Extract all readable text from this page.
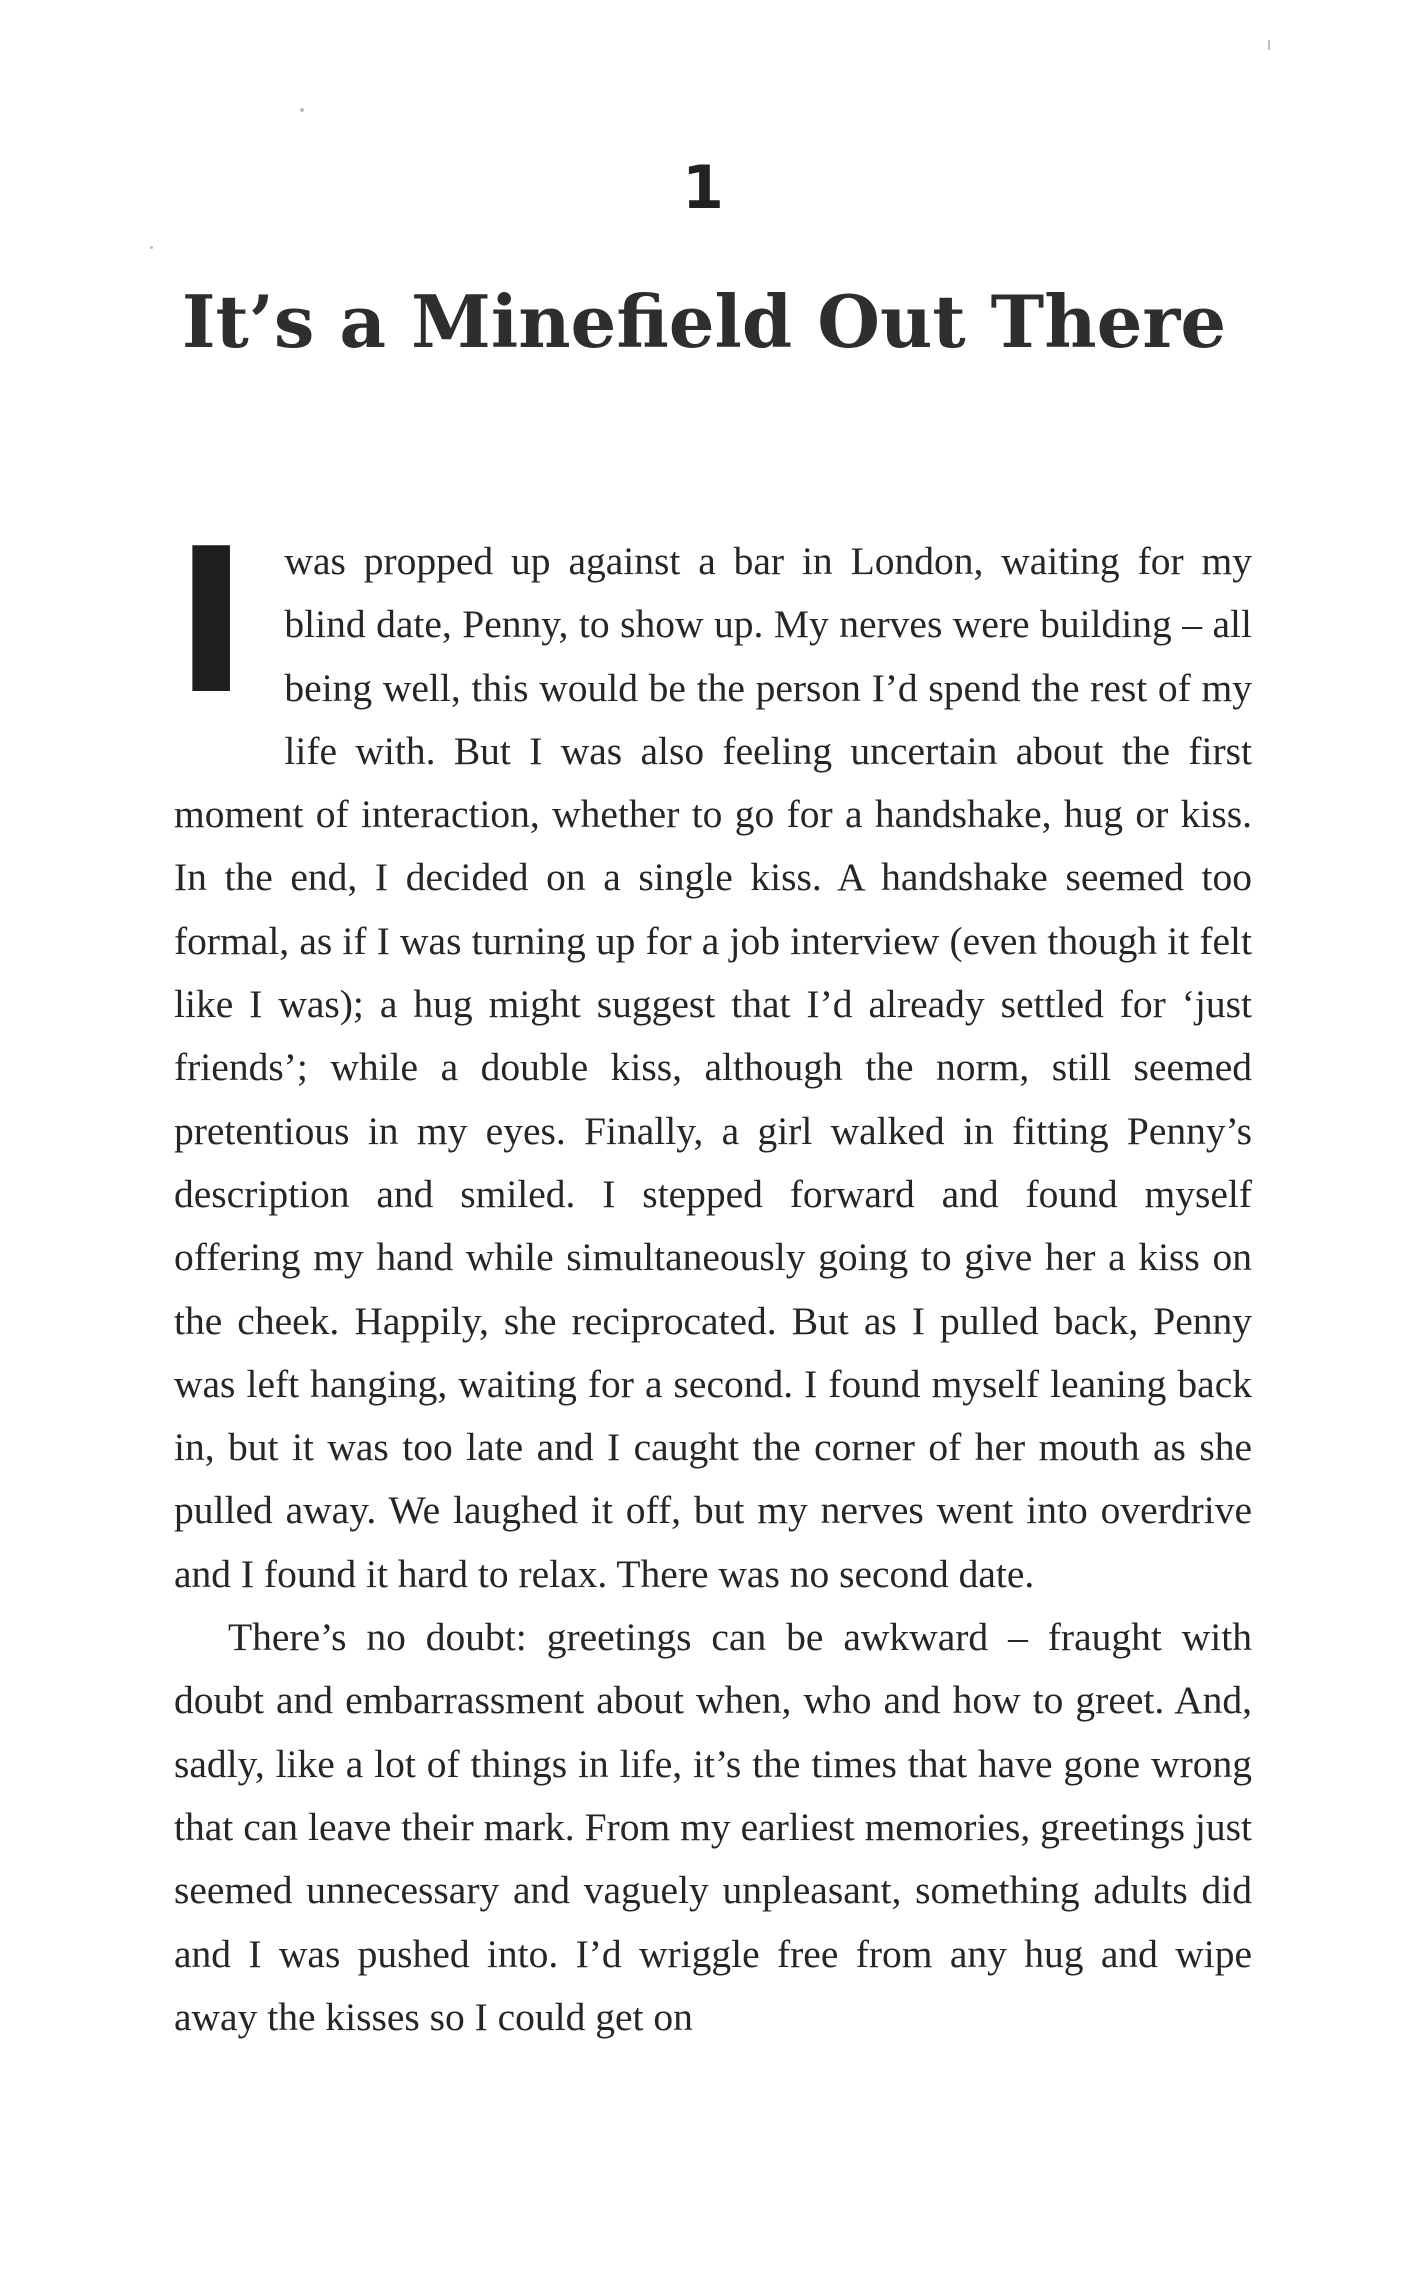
1
It’s a Minefield Out There

Iwas propped up against a bar in London, waiting for my blind date, Penny, to show up. My nerves were building – all being well, this would be the person I’d spend the rest of my life with. But I was also feeling uncertain about the first moment of interaction, whether to go for a handshake, hug or kiss. In the end, I decided on a single kiss. A handshake seemed too formal, as if I was turning up for a job interview (even though it felt like I was); a hug might suggest that I’d already settled for ‘just friends’; while a double kiss, although the norm, still seemed pretentious in my eyes. Finally, a girl walked in fitting Penny’s description and smiled. I stepped forward and found myself offering my hand while simultaneously going to give her a kiss on the cheek. Happily, she reciprocated. But as I pulled back, Penny was left hanging, waiting for a second. I found myself leaning back in, but it was too late and I caught the corner of her mouth as she pulled away. We laughed it off, but my nerves went into overdrive and I found it hard to relax. There was no second date.

There’s no doubt: greetings can be awkward – fraught with doubt and embarrassment about when, who and how to greet. And, sadly, like a lot of things in life, it’s the times that have gone wrong that can leave their mark. From my earliest memories, greetings just seemed unnecessary and vaguely unpleasant, something adults did and I was pushed into. I’d wriggle free from any hug and wipe away the kisses so I could get on
